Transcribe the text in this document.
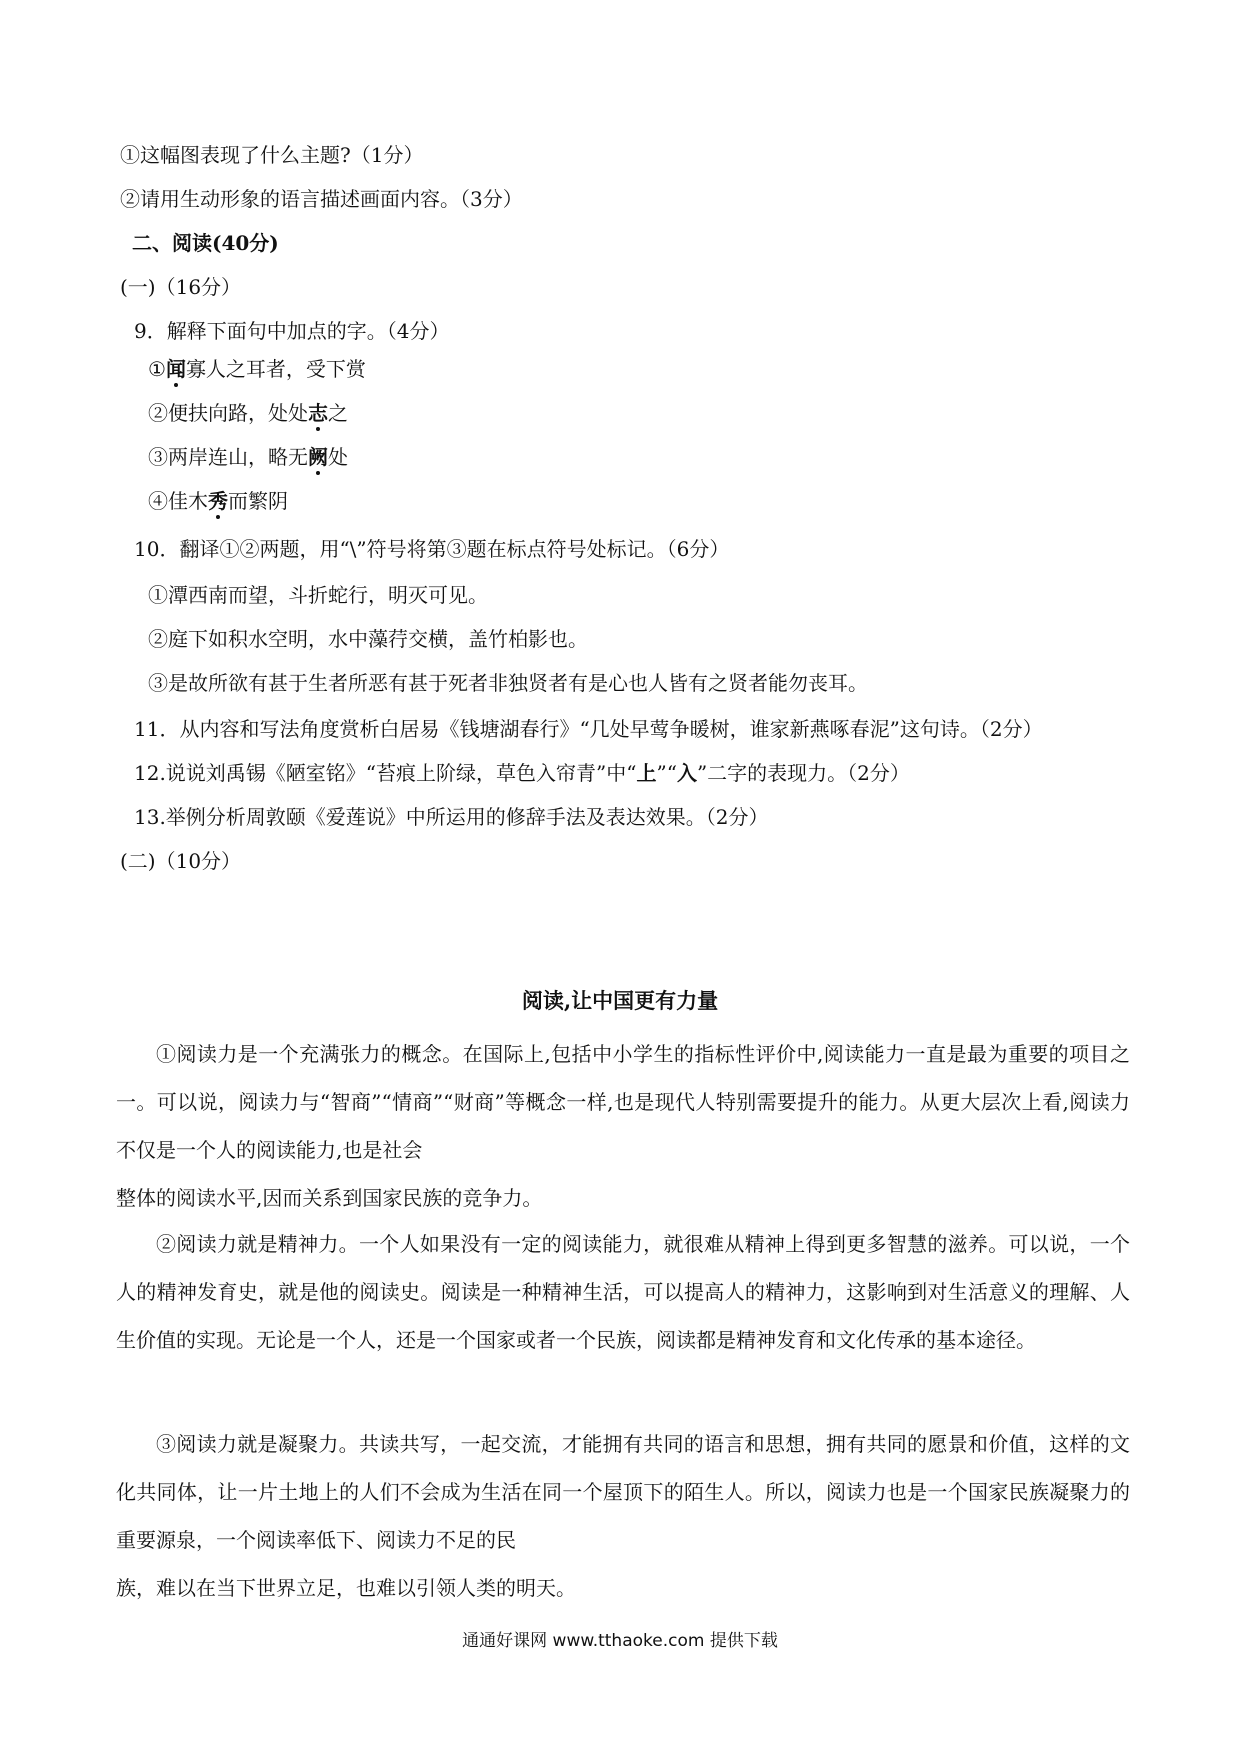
①这幅图表现了什么主题?（1分）
②请用生动形象的语言描述画面内容。（3分）
二、阅读(40分)
(一)（16分）
9．解释下面句中加点的字。（4分）
①闻寡人之耳者，受下赏
②便扶向路，处处志之
③两岸连山，略无阙处
④佳木秀而繁阴
10．翻译①②两题，用“\”符号将第③题在标点符号处标记。（6分）
①潭西南而望，斗折蛇行，明灭可见。
②庭下如积水空明，水中藻荇交横，盖竹柏影也。
③是故所欲有甚于生者所恶有甚于死者非独贤者有是心也人皆有之贤者能勿丧耳。
11．从内容和写法角度赏析白居易《钱塘湖春行》“几处早莺争暖树，谁家新燕啄春泥”这句诗。（2分）
12.说说刘禹锡《陋室铭》“苔痕上阶绿，草色入帘青”中“上”“入”二字的表现力。（2分）
13.举例分析周敦颐《爱莲说》中所运用的修辞手法及表达效果。（2分）
(二)（10分）
阅读,让中国更有力量

①阅读力是一个充满张力的概念。在国际上,包括中小学生的指标性评价中,阅读能力一直是最为重要的项目之一。可以说，阅读力与“智商”“情商”“财商”等概念一样,也是现代人特别需要提升的能力。从更大层次上看,阅读力不仅是一个人的阅读能力,也是社会

整体的阅读水平,因而关系到国家民族的竞争力。

②阅读力就是精神力。一个人如果没有一定的阅读能力，就很难从精神上得到更多智慧的滋养。可以说，一个人的精神发育史，就是他的阅读史。阅读是一种精神生活，可以提高人的精神力，这影响到对生活意义的理解、人生价值的实现。无论是一个人，还是一个国家或者一个民族，阅读都是精神发育和文化传承的基本途径。

③阅读力就是凝聚力。共读共写，一起交流，才能拥有共同的语言和思想，拥有共同的愿景和价值，这样的文化共同体，让一片土地上的人们不会成为生活在同一个屋顶下的陌生人。所以，阅读力也是一个国家民族凝聚力的重要源泉，一个阅读率低下、阅读力不足的民

族，难以在当下世界立足，也难以引领人类的明天。

通通好课网 www.tthaoke.com 提供下载
